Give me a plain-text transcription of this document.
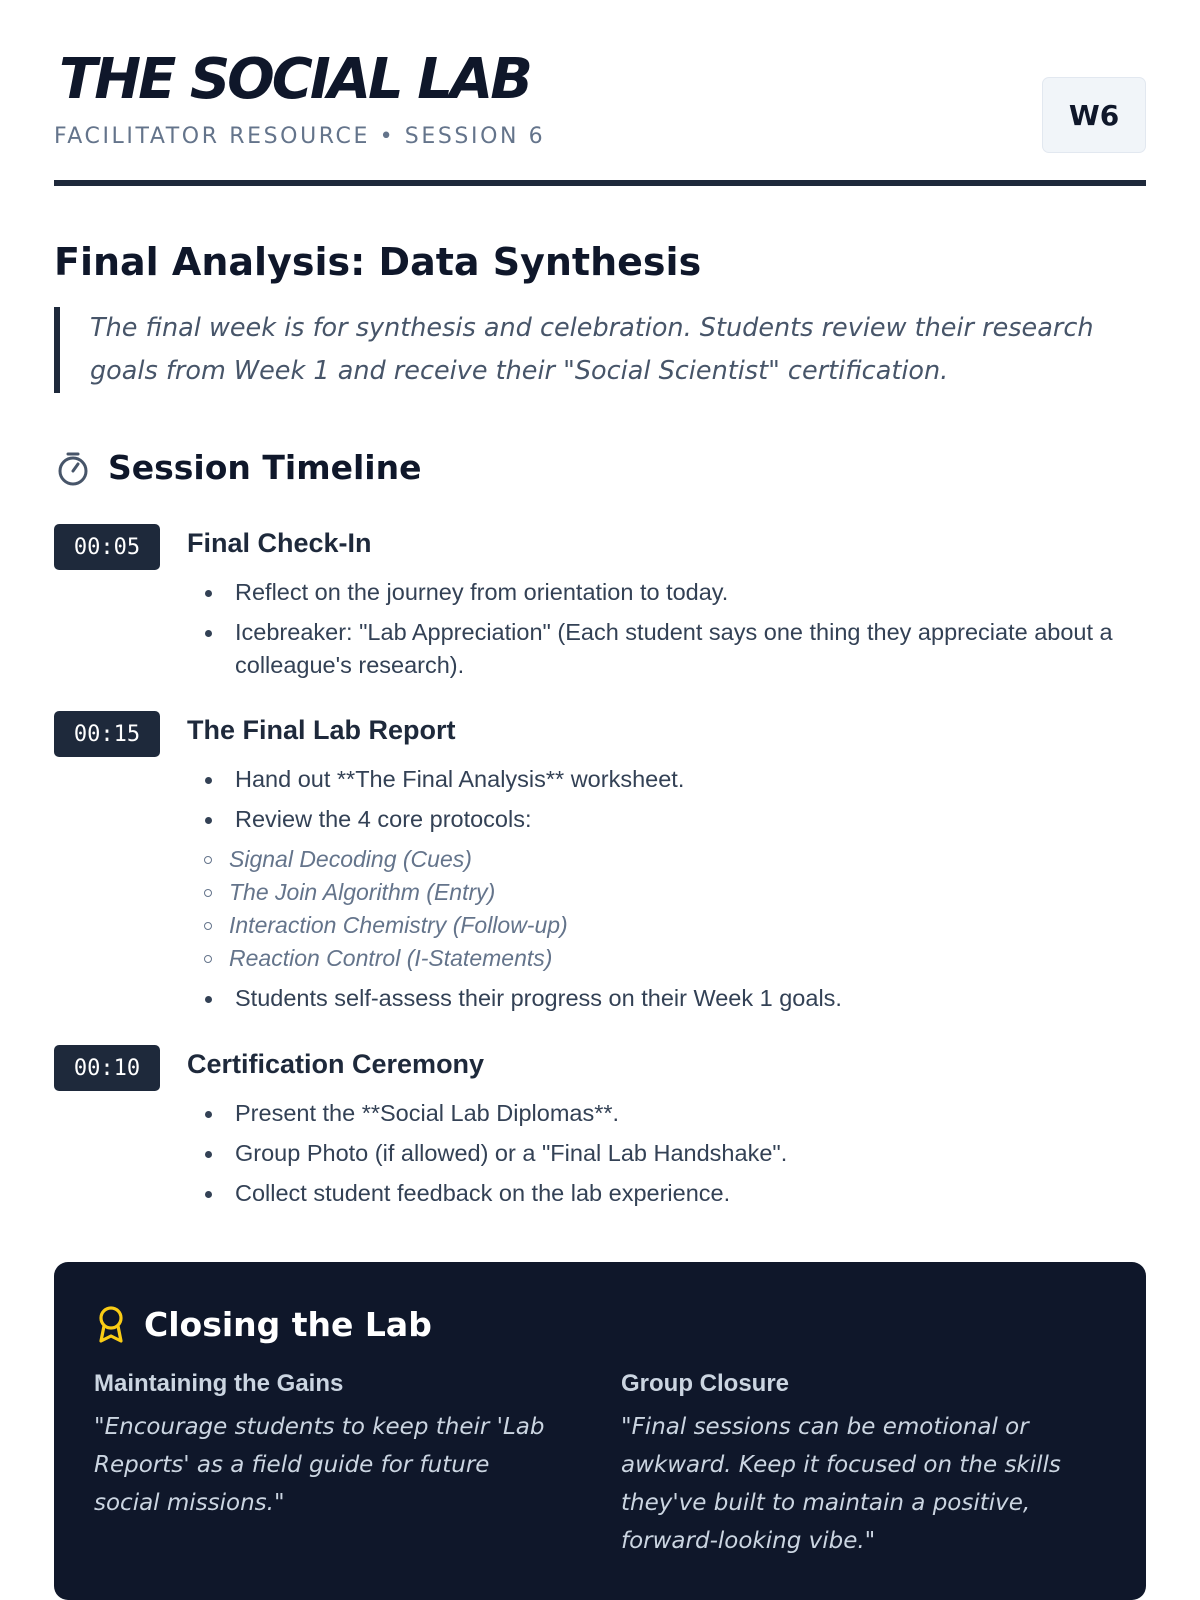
THE SOCIAL LAB
FACILITATOR RESOURCE • SESSION 6
W6
Final Analysis: Data Synthesis
The final week is for synthesis and celebration. Students review their research goals from Week 1 and receive their "Social Scientist" certification.
Session Timeline
00:05	Final Check-In
Reflect on the journey from orientation to today.
Icebreaker: "Lab Appreciation" (Each student says one thing they appreciate about a colleague's research).
00:15	The Final Lab Report
Hand out **The Final Analysis** worksheet.
Review the 4 core protocols:
Signal Decoding (Cues)
The Join Algorithm (Entry)
Interaction Chemistry (Follow-up)
Reaction Control (I-Statements)
Students self-assess their progress on their Week 1 goals.
00:10	Certification Ceremony
Present the **Social Lab Diplomas**.
Group Photo (if allowed) or a "Final Lab Handshake".
Collect student feedback on the lab experience.
Closing the Lab
Maintaining the Gains

"Encourage students to keep their 'Lab Reports' as a field guide for future social missions."

Group Closure

"Final sessions can be emotional or awkward. Keep it focused on the skills they've built to maintain a positive, forward-looking vibe."
